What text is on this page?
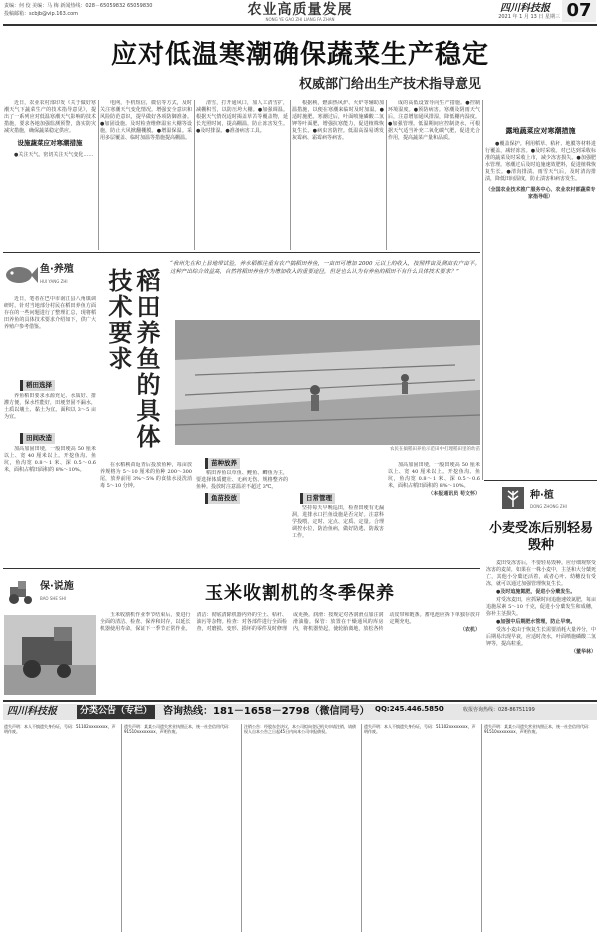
责编：何 佼 美编：马 梅 新闻热线：028－65059832 65059830
投稿邮箱：scbjb@vip.163.com	农业高质量发展
NONG YE GAO ZHI LIANG FA ZHAN
四川科技报
2021 年 1 月 13 日 星期三 07
应对低温寒潮确保蔬菜生产稳定
权威部门给出生产技术指导意见

近日，农业农村部印发《关于做好寒潮天气下蔬菜生产的技术指导意见》，提出了一系列应对低温寒潮天气影响的技术措施，要求各地加强监测预警，落实防灾减灾措施，确保蔬菜稳定供应。

设施蔬菜应对寒潮措施

●关注天气。密切关注天气变化……

电网，手机短信，微信等方式，及时关注寒潮天气变化情况。增强安全意识和风险防范意识，提早做好各项防御准备。●加固设施。及时检查维修温室大棚等设施，防止大风掀翻棚膜。●增温保温。采用多层覆盖、临时加温等措施提高棚温。

清雪，打开通风口，加人工清雪扩，减棚积雪，以防压垮大棚。●加强调温。根据天气情况适时揭盖草苫等覆盖物，延长光照时间，提高棚温，防止冻害发生。●及时排湿。●准备病害工具。

根据秧，燃油热风炉、火炉等辅助加温措施，以便在寒潮来临时及时加温。●适时施肥。寒潮过后，叶面喷施磷酸二氢钾等叶面肥，增强抗寒能力，促进植株恢复生长。●病虫害防控。低温高湿易诱发灰霉病、霜霉病等病害。

成的高低设置导向生产措施。●控制环境湿度。●预防病害。寒潮及阴雨天气后，注意增加通风排湿，降低棚内湿度。●加强管理。低温期间应控制浇水，可根据天气适当补充二氧化碳气肥，促进光合作用，提高蔬菜产量和品质。

露地蔬菜应对寒潮措施

●覆盖保护。利用稻草、秸秆、地膜等材料进行覆盖，减轻冻害。●及时采收。对已达到采收标准的蔬菜及时采收上市，减少冻害损失。●加强肥水管理。寒潮过后及时追施速效肥料，促进植株恢复生长。●清沟排渍。雨雪天气后，及时清沟排渍，降低田间湿度，防止渍害和病害发生。

（全国农业技术推广服务中心、农业农村部蔬菜专家指导组）

鱼·养殖
HUI YANG ZHI

近日，笔者在巴中市南江县八角镇调研时，针对当地部分村民在稻田养鱼方面存在的一些问题进行了整理汇总，现将稻田养鱼的具体技术要求介绍如下，供广大养殖户参考借鉴。

稻田选择

养鱼稻田要求水源充足、水质好、排灌方便，保水性能好，田埂坚固不漏水，土质以壤土、黏土为宜。面积以 3～5 亩为宜。

田间改造

加高加固田埂，一般田埂高 50 厘米以上、宽 40 厘米以上。开挖鱼沟、鱼坑，鱼沟宽 0.8～1 米、深 0.5～0.6 米，面积占稻田面积的 8%～10%。

稻田养鱼的具体技术要求
“我州先在和上县地带试验，养水稻都注重有农户搞稻田养鱼，一亩田可增加 2000 元以上的收入，按照样亩及测亩农户亩平。这种产出综合效益高，自然将稻田养鱼作为增加收入的重要途径，但是也么认为有养鱼的稻田不有什么具体技术要求？”
农民在搞稻田养鱼示范田中打理稻田里的幼苗

在水稻秧苗返青后投放鱼种，每亩放养规格为 5～10 厘米的鱼种 200～300 尾，放养前用 3%～5% 的食盐水浸洗消毒 5～10 分钟。

苗种放养

稻田养鱼以草鱼、鲤鱼、鲫鱼为主，要选择体质健壮、无病无伤、规格整齐的鱼种。投放时注意温差不超过 3℃。

鱼苗投放	日常管理

坚持每天早晚巡田，检查田埂有无漏洞，进排水口拦鱼设施是否完好。注意科学投喂，定时、定点、定质、定量。合理调控水位，防治鱼病，做好防逃、防敌害工作。

加高加固田埂，一般田埂高 50 厘米以上、宽 40 厘米以上。开挖鱼沟、鱼坑，鱼沟宽 0.8～1 米、深 0.5～0.6 米，面积占稻田面积的 8%～10%。

（本报通讯员 苟文怀）	种·植
DONG ZHONG ZHI
小麦受冻后别轻易毁种

麦田受冻害后，不要轻易毁种。应仔细观察受冻害的麦苗，如果在一株小麦中，主茎和大分蘖死亡，其他小分蘖还活着，或者心叶、幼穗没有受冻，就可以通过加强管理恢复生长。

●及时追施氮肥，促进小分蘖发生。

对受冻麦田，应抓紧时间追施速效氮肥，每亩追施尿素 5～10 千克，促进小分蘖发生和成穗，弥补主茎损失。

●加强中后期肥水管理，防止早衰。

受冻小麦由于恢复生长需要消耗大量养分，中后期易出现早衰，应适时浇水，叶面喷施磷酸二氢钾等，提高粒重。

（董华林）

保·说施
BAO SHE SHI	玉米收割机的冬季保养

玉米收割机作业季节结束后，要进行全面的清洁、检查、保养和封存，以延长机器使用寿命，保证下一季节正常作业。清洁：彻底清除机器内外的尘土、秸秆、油污等杂物。检查：对各部件进行全面检查，对磨损、变形、损坏的零件及时修理或更换。润滑：按规定对各润滑点加注润滑油脂。保管：放置在干燥通风的库房内，将机器垫起，使轮胎离地，放松各传动皮带和链条。蓄电池应拆下单独存放并定期充电。

（农机）

四川科技报	分类公告（专栏）	咨询热线：181－1658－2798（微信同号） QQ:245.446.5850	收报咨询热线：028-86751199
遗失声明：本人不慎遗失身份证，号码：51102xxxxxxxx，声明作废。
遗失声明：某某公司遗失营业执照正本，统一社会信用代码：91510xxxxxxxx，声明作废。
注销公告：经股东会决议，本公司拟向登记机关申请注销，请债权人自本公告之日起45日内向本公司申报债权。
遗失声明：本人不慎遗失身份证，号码：51102xxxxxxxx，声明作废。
遗失声明：某某公司遗失营业执照正本，统一社会信用代码：91510xxxxxxxx，声明作废。
